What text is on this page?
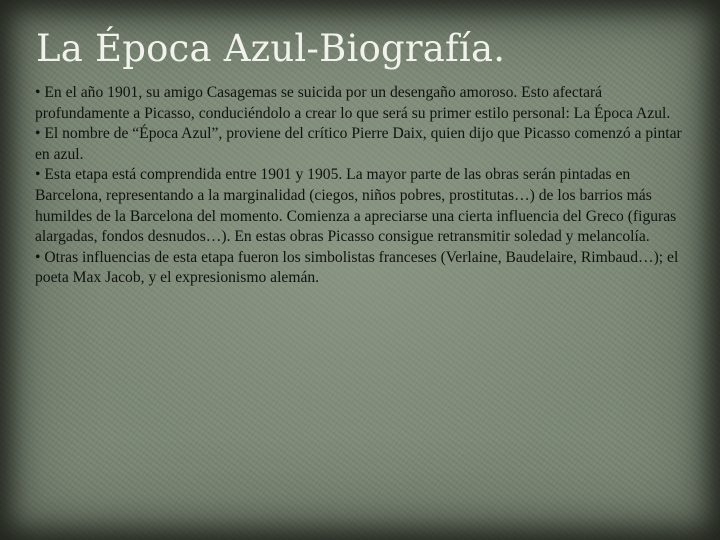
La Época Azul-Biografía.

• En el año 1901, su amigo Casagemas se suicida por un desengaño amoroso. Esto afectará profundamente a Picasso, conduciéndolo a crear lo que será su primer estilo personal: La Época Azul.

• El nombre de “Época Azul”, proviene del crítico Pierre Daix, quien dijo que Picasso comenzó a pintar en azul.

• Esta etapa está comprendida entre 1901 y 1905. La mayor parte de las obras serán pintadas en Barcelona, representando a la marginalidad (ciegos, niños pobres, prostitutas…) de los barrios más humildes de la Barcelona del momento. Comienza a apreciarse una cierta influencia del Greco (figuras alargadas, fondos desnudos…). En estas obras Picasso consigue retransmitir soledad y melancolía.

• Otras influencias de esta etapa fueron los simbolistas franceses (Verlaine, Baudelaire, Rimbaud…); el poeta Max Jacob, y el expresionismo alemán.
